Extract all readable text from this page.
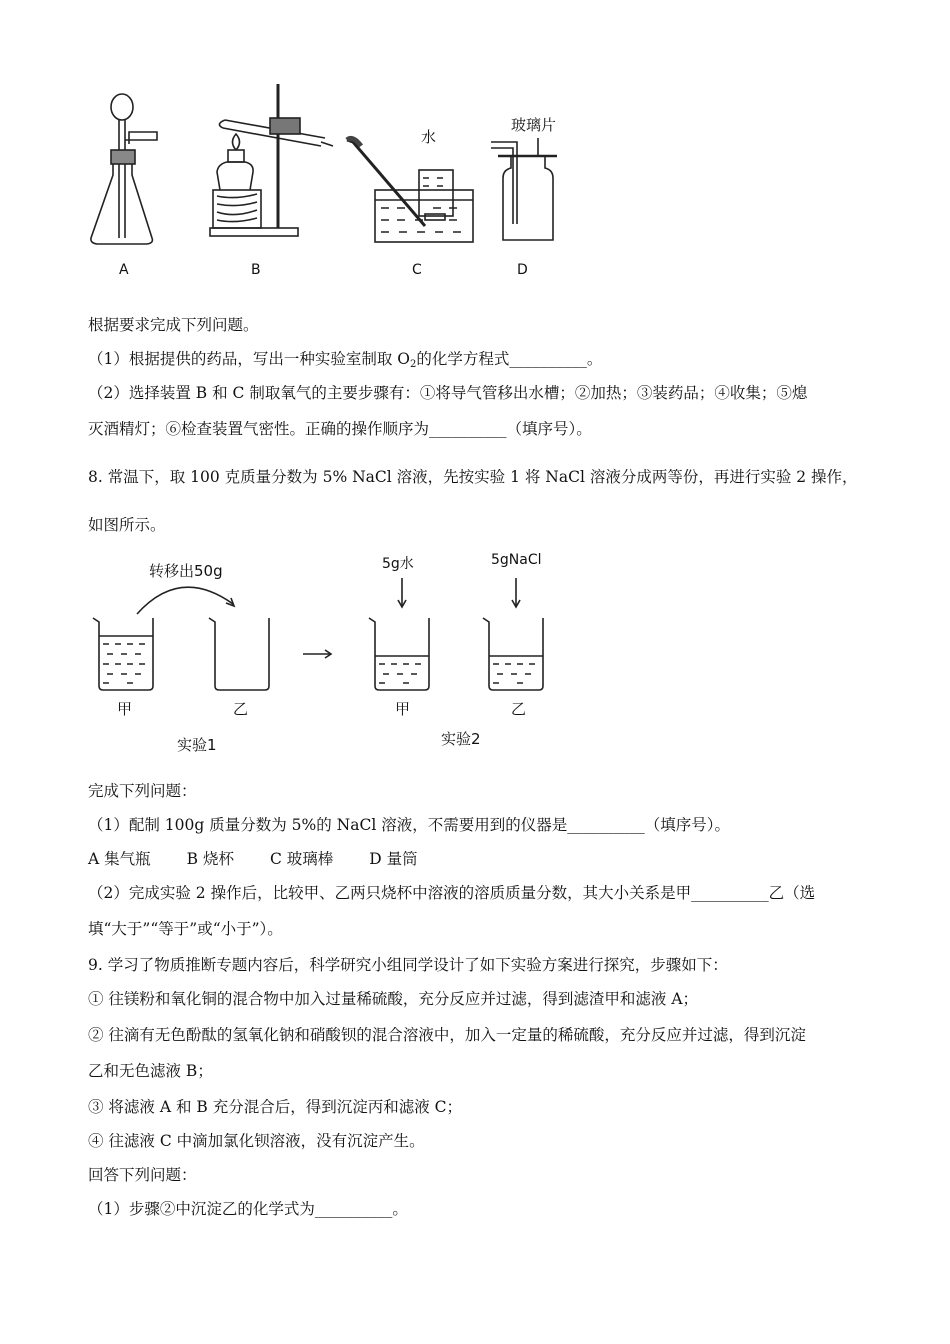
水
玻璃片
A	B	C	D
根据要求完成下列问题。
（1）根据提供的药品，写出一种实验室制取 $O_2$的化学方程式__________。
（2）选择装置 B 和 C 制取氧气的主要步骤有：①将导气管移出水槽；②加热；③装药品；④收集；⑤熄
灭酒精灯；⑥检查装置气密性。正确的操作顺序为__________（填序号）。
8. 常温下，取 100 克质量分数为 5% NaCl 溶液，先按实验 1 将 NaCl 溶液分成两等份，再进行实验 2 操作，
如图所示。
转移出50g	5g水	5gNaCl
甲	乙	甲	乙
实验1	实验2
完成下列问题：
（1）配制 100g 质量分数为 5%的 NaCl 溶液，不需要用到的仪器是__________（填序号）。
A 集气瓶 B 烧杯 C 玻璃棒 D 量筒
（2）完成实验 2 操作后，比较甲、乙两只烧杯中溶液的溶质质量分数，其大小关系是甲__________乙（选
填“大于”“等于”或“小于”）。
9. 学习了物质推断专题内容后，科学研究小组同学设计了如下实验方案进行探究，步骤如下：
① 往镁粉和氧化铜的混合物中加入过量稀硫酸，充分反应并过滤，得到滤渣甲和滤液 A；
② 往滴有无色酚酞的氢氧化钠和硝酸钡的混合溶液中，加入一定量的稀硫酸，充分反应并过滤，得到沉淀
乙和无色滤液 B；
③ 将滤液 A 和 B 充分混合后，得到沉淀丙和滤液 C；
④ 往滤液 C 中滴加氯化钡溶液，没有沉淀产生。
回答下列问题：
（1）步骤②中沉淀乙的化学式为__________。
